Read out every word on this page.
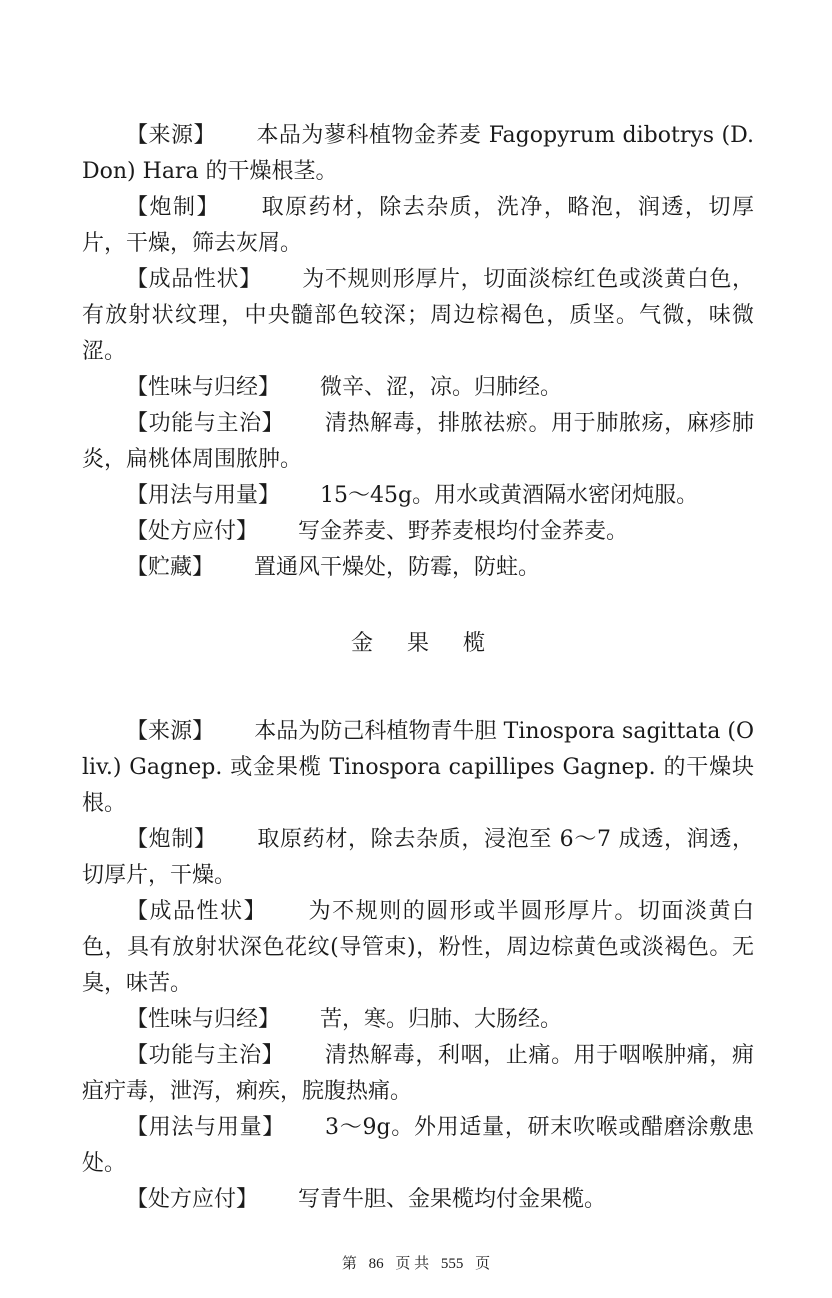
【来源】 本品为蓼科植物金荞麦 Fagopyrum dibotrys (D. Don) Hara 的干燥根茎。

【炮制】 取原药材，除去杂质，洗净，略泡，润透，切厚片，干燥，筛去灰屑。

【成品性状】 为不规则形厚片，切面淡棕红色或淡黄白色，有放射状纹理，中央髓部色较深；周边棕褐色，质坚。气微，味微涩。

【性味与归经】 微辛、涩，凉。归肺经。

【功能与主治】 清热解毒，排脓祛瘀。用于肺脓疡，麻疹肺炎，扁桃体周围脓肿。

【用法与用量】 15～45g。用水或黄酒隔水密闭炖服。

【处方应付】 写金荞麦、野荞麦根均付金荞麦。

【贮藏】 置通风干燥处，防霉，防蛀。

金果榄

【来源】 本品为防己科植物青牛胆 Tinospora sagittata (Oliv.) Gagnep. 或金果榄 Tinospora capillipes Gagnep. 的干燥块根。

【炮制】 取原药材，除去杂质，浸泡至 6～7 成透，润透，切厚片，干燥。

【成品性状】 为不规则的圆形或半圆形厚片。切面淡黄白色，具有放射状深色花纹(导管束)，粉性，周边棕黄色或淡褐色。无臭，味苦。

【性味与归经】 苦，寒。归肺、大肠经。

【功能与主治】 清热解毒，利咽，止痛。用于咽喉肿痛，痈疽疔毒，泄泻，痢疾，脘腹热痛。

【用法与用量】 3～9g。外用适量，研末吹喉或醋磨涂敷患处。

【处方应付】 写青牛胆、金果榄均付金果榄。

第 86 页 共 555 页
